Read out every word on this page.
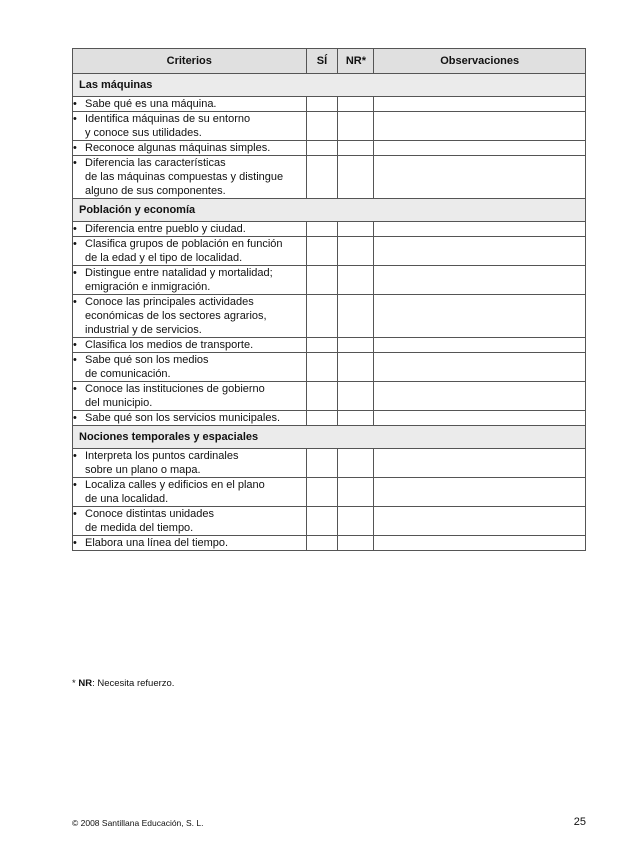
Criterios	SÍ	NR*	Observaciones
Las máquinas			

• Sabe qué es una máquina.			

• Identifica máquinas de su entorno
y conoce sus utilidades.			

• Reconoce algunas máquinas simples.			

• Diferencia las características
de las máquinas compuestas y distingue
alguno de sus componentes.			

Población y economía			

• Diferencia entre pueblo y ciudad.			

• Clasifica grupos de población en función
de la edad y el tipo de localidad.			

• Distingue entre natalidad y mortalidad;
emigración e inmigración.			

• Conoce las principales actividades
económicas de los sectores agrarios,
industrial y de servicios.			

• Clasifica los medios de transporte.			

• Sabe qué son los medios
de comunicación.			

• Conoce las instituciones de gobierno
del municipio.			

• Sabe qué son los servicios municipales.			

Nociones temporales y espaciales			

• Interpreta los puntos cardinales
sobre un plano o mapa.			

• Localiza calles y edificios en el plano
de una localidad.			

• Conoce distintas unidades
de medida del tiempo.			

• Elabora una línea del tiempo.			

* NR: Necesita refuerzo.
© 2008 Santillana Educación, S. L.	25
